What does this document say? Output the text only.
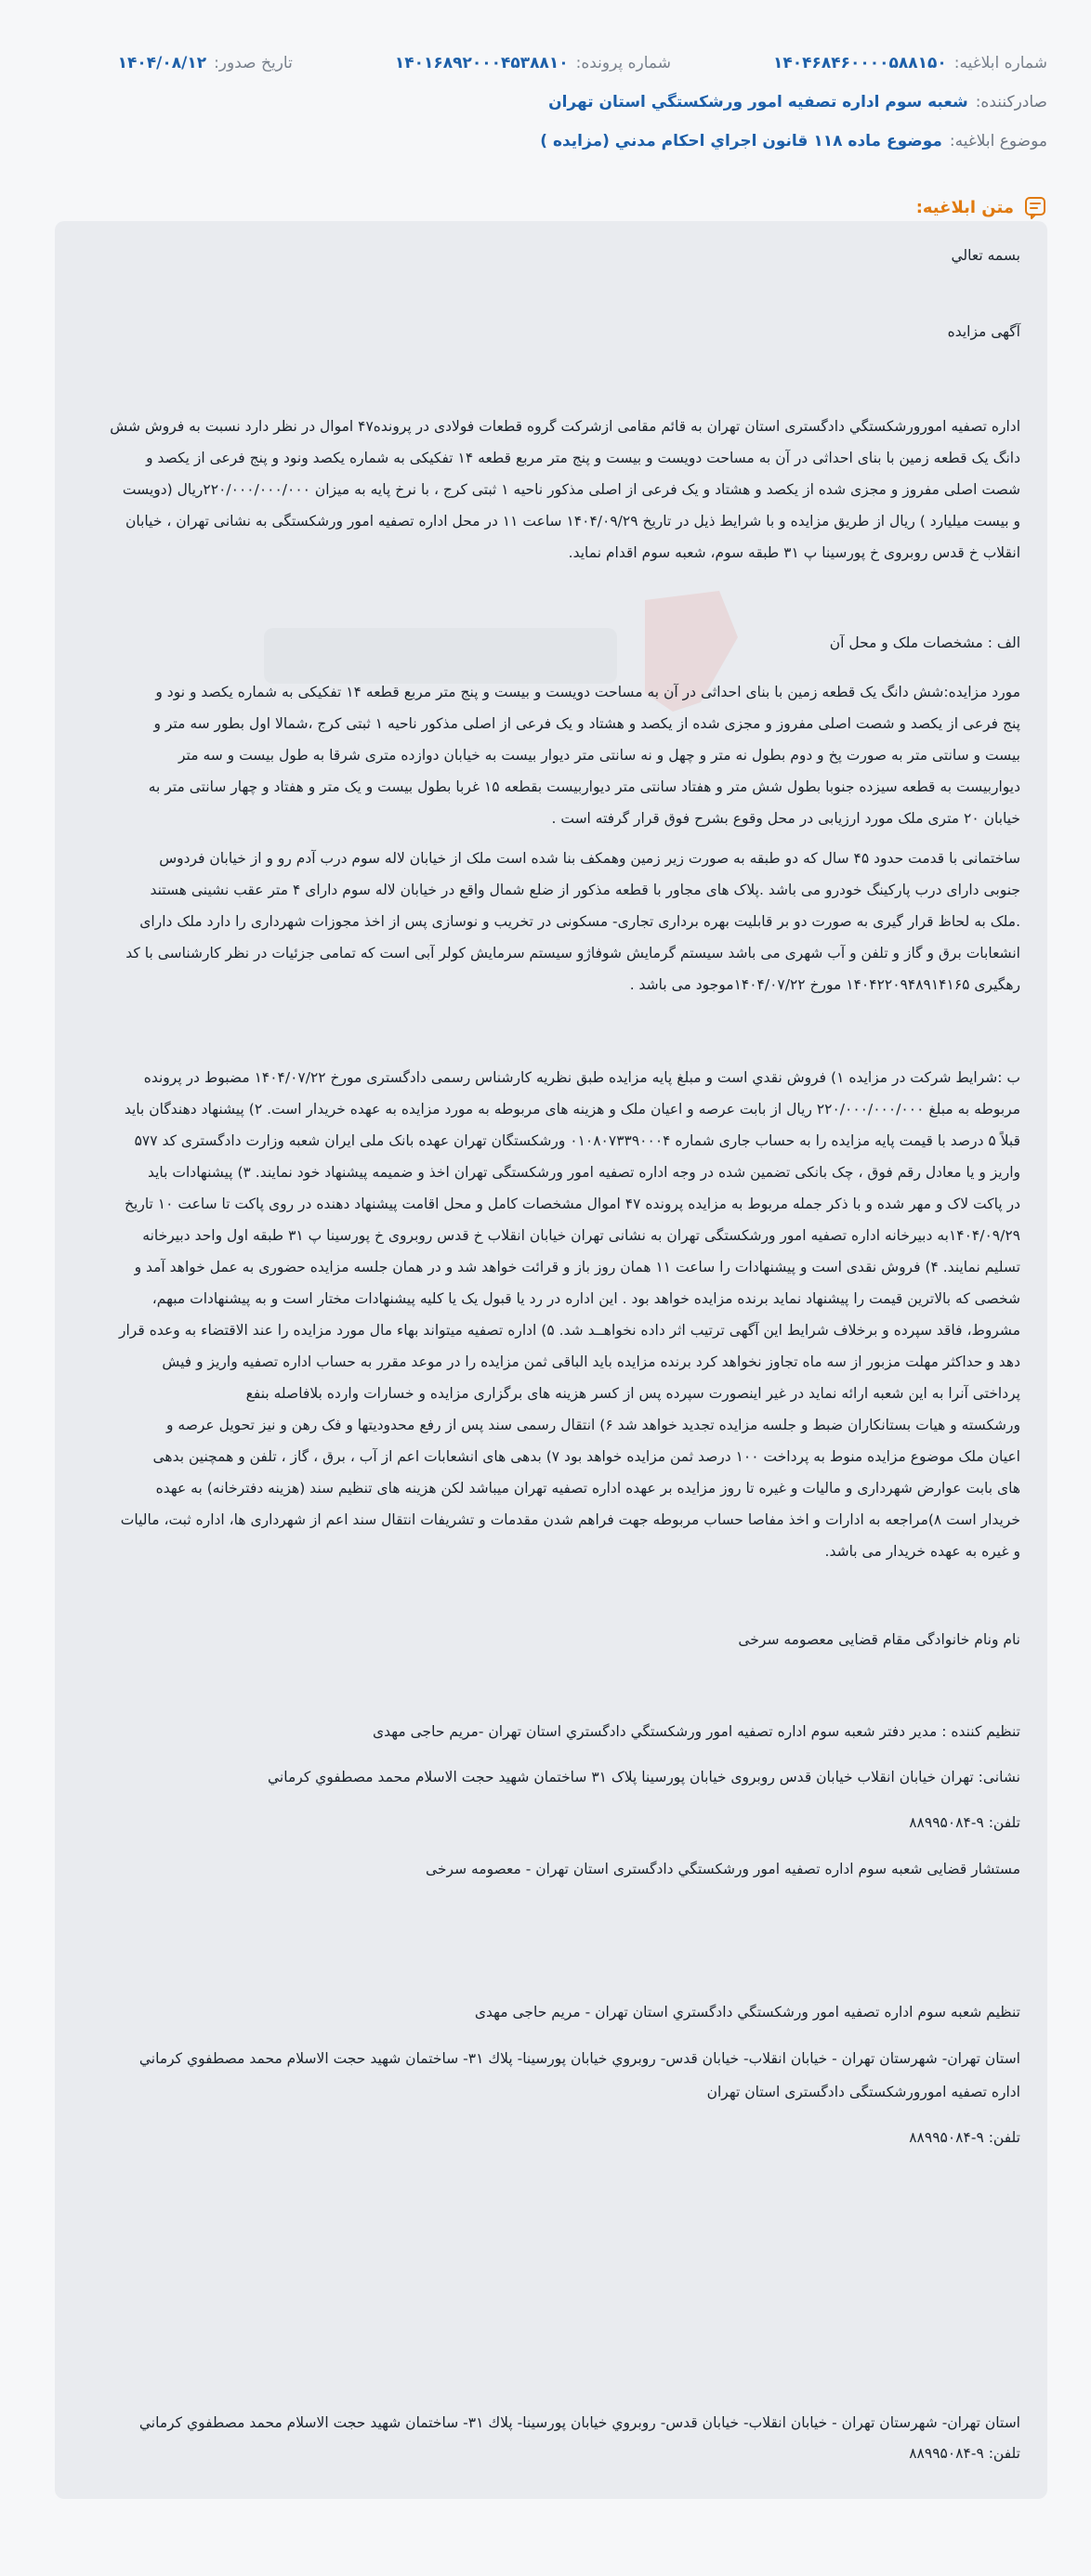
شماره ابلاغیه:
۱۴۰۴۶۸۴۶۰۰۰۰۵۸۸۱۵۰
شماره پرونده:
۱۴۰۱۶۸۹۲۰۰۰۴۵۳۸۸۱۰
تاریخ صدور:
۱۴۰۴/۰۸/۱۲
صادرکننده:
شعبه سوم اداره تصفيه امور ورشكستگي استان تهران
موضوع ابلاغیه:
موضوع ماده ۱۱۸ قانون اجراي احكام مدني (مزايده )
متن ابلاغیه:
بسمه تعالي
آگهی مزایده
اداره تصفیه امورورشکستگي دادگستری استان تهران به قائم مقامی ازشرکت گروه قطعات فولادی در پرونده۴۷ اموال در نظر دارد نسبت به فروش شش
دانگ یک قطعه زمین با بنای احداثی در آن به مساحت دویست و بیست و پنج متر مربع قطعه ۱۴ تفکیکی به شماره یکصد ونود و پنج فرعی از یکصد و
شصت اصلی مفروز و مجزی شده از یکصد و هشتاد و یک فرعی از اصلی مذکور ناحیه ۱ ثبتی کرج ، با نرخ پایه به میزان ۲۲۰/۰۰۰/۰۰۰/۰۰۰ریال (دویست
و بیست میلیارد ) ریال از طریق مزایده و با شرایط ذیل در تاریخ ۱۴۰۴/۰۹/۲۹ ساعت ۱۱ در محل اداره تصفیه امور ورشکستگی به نشانی تهران ، خیابان
انقلاب خ قدس روبروی خ پورسینا پ ۳۱ طبقه سوم، شعبه سوم اقدام نماید.
الف : مشخصات ملک و محل آن
مورد مزایده:شش دانگ یک قطعه زمین با بنای احداثی در آن به مساحت دویست و بیست و پنج متر مربع قطعه ۱۴ تفکیکی به شماره یکصد و نود و
پنج فرعی از یکصد و شصت اصلی مفروز و مجزی شده از یکصد و هشتاد و یک فرعی از اصلی مذکور ناحیه ۱ ثبتی کرج ،شمالا اول بطور سه متر و
بیست و سانتی متر به صورت پخ و دوم بطول نه متر و چهل و نه سانتی متر دیوار بیست به خیابان دوازده متری شرقا به طول بیست و سه متر
دیواربیست به قطعه سیزده جنوبا بطول شش متر و هفتاد سانتی متر دیواربیست بقطعه ۱۵ غربا بطول بیست و یک متر و هفتاد و چهار سانتی متر به
خیابان ۲۰ متری ملک مورد ارزیابی در محل وقوع بشرح فوق قرار گرفته است .
ساختمانی با قدمت حدود ۴۵ سال که دو طبقه به صورت زیر زمین وهمکف بنا شده است ملک از خیابان لاله سوم درب آدم رو و از خیابان فردوس
جنوبی دارای درب پارکینگ خودرو می باشد .پلاک های مجاور با قطعه مذکور از ضلع شمال واقع در خیابان لاله سوم دارای ۴ متر عقب نشینی هستند
.ملک به لحاظ قرار گیری به صورت دو بر قابلیت بهره برداری تجاری- مسکونی در تخریب و نوسازی پس از اخذ مجوزات شهرداری را دارد ملک دارای
انشعابات برق و گاز و تلفن و آب شهری می باشد سیستم گرمایش شوفاژو سیستم سرمایش کولر آبی است که تمامی جزئیات در نظر کارشناسی با کد
رهگیری ۱۴۰۴۲۲۰۹۴۸۹۱۴۱۶۵ مورخ ۱۴۰۴/۰۷/۲۲موجود می باشد .
ب :شرایط شرکت در مزایده ۱) فروش نقدي است و مبلغ پایه مزایده طبق نظریه کارشناس رسمی دادگستری مورخ ۱۴۰۴/۰۷/۲۲ مضبوط در پرونده
مربوطه به مبلغ ۲۲۰/۰۰۰/۰۰۰/۰۰۰ ریال از بابت عرصه و اعیان ملک و هزینه های مربوطه به مورد مزایده به عهده خریدار است. ۲) پیشنهاد دهندگان باید
قبلاً ۵ درصد با قیمت پایه مزایده را به حساب جاری شماره ۰۱۰۸۰۷۳۳۹۰۰۰۴ ورشکستگان تهران عهده بانک ملی ایران شعبه وزارت دادگستری کد ۵۷۷
واریز و یا معادل رقم فوق ، چک بانکی تضمین شده در وجه اداره تصفیه امور ورشکستگی تهران اخذ و ضمیمه پیشنهاد خود نمایند. ۳) پیشنهادات باید
در پاکت لاک و مهر شده و با ذکر جمله مربوط به مزایده پرونده ۴۷ اموال مشخصات کامل و محل اقامت پیشنهاد دهنده در روی پاکت تا ساعت ۱۰ تاریخ
۱۴۰۴/۰۹/۲۹به دبیرخانه اداره تصفیه امور ورشکستگی تهران به نشانی تهران خیابان انقلاب خ قدس روبروی خ پورسینا پ ۳۱ طبقه اول واحد دبیرخانه
تسلیم نمایند. ۴) فروش نقدی است و پیشنهادات را ساعت ۱۱ همان روز باز و قرائت خواهد شد و در همان جلسه مزایده حضوری به عمل خواهد آمد و
شخصی که بالاترین قیمت را پیشنهاد نماید برنده مزایده خواهد بود . این اداره در رد یا قبول یک یا کلیه پیشنهادات مختار است و به پیشنهادات مبهم،
مشروط، فاقد سپرده و برخلاف شرایط این آگهی ترتیب اثر داده نخواهــد شد. ۵) اداره تصفیه میتواند بهاء مال مورد مزایده را عند الاقتضاء به وعده قرار
دهد و حداکثر مهلت مزبور از سه ماه تجاوز نخواهد کرد برنده مزایده باید الباقی ثمن مزایده را در موعد مقرر به حساب اداره تصفیه واریز و فیش
پرداختی آنرا به این شعبه ارائه نماید در غیر اینصورت سپرده پس از کسر هزینه های برگزاری مزایده و خسارات وارده بلافاصله بنفع
ورشکسته و هیات بستانکاران ضبط و جلسه مزایده تجدید خواهد شد ۶) انتقال رسمی سند پس از رفع محدودیتها و فک رهن و نیز تحویل عرصه و
اعیان ملک موضوع مزایده منوط به پرداخت ۱۰۰ درصد ثمن مزایده خواهد بود ۷) بدهی های انشعابات اعم از آب ، برق ، گاز ، تلفن و همچنین بدهی
های بابت عوارض شهرداری و مالیات و غیره تا روز مزایده بر عهده اداره تصفیه تهران میباشد لکن هزینه های تنظیم سند (هزینه دفترخانه) به عهده
خریدار است ۸)مراجعه به ادارات و اخذ مفاصا حساب مربوطه جهت فراهم شدن مقدمات و تشریفات انتقال سند اعم از شهرداری ها، اداره ثبت، مالیات
و غیره به عهده خریدار می باشد.
نام ونام خانوادگی مقام قضایی معصومه سرخی
تنظیم کننده : مدیر دفتر شعبه سوم اداره تصفيه امور ورشكستگي دادگستري استان تهران -مریم حاجی مهدی
نشانی: تهران خیابان انقلاب خیابان قدس روبروی خیابان پورسینا پلاک ۳۱ ساختمان شهید حجت الاسلام محمد مصطفوي كرماني
تلفن: ۹-۸۸۹۹۵۰۸۴
مستشار قضایی شعبه سوم اداره تصفيه امور ورشكستگي دادگستری استان تهران - معصومه سرخی
تنظیم شعبه سوم اداره تصفيه امور ورشكستگي دادگستري استان تهران - مریم حاجی مهدی
استان تهران- شهرستان تهران - خیابان انقلاب- خیابان قدس- روبروي خيابان پورسينا- پلاك ۳۱- ساختمان شهيد حجت الاسلام محمد مصطفوي كرماني
اداره تصفیه امورورشکستگی دادگستری استان تهران
تلفن: ۹-۸۸۹۹۵۰۸۴
استان تهران- شهرستان تهران - خیابان انقلاب- خیابان قدس- روبروي خيابان پورسينا- پلاك ۳۱- ساختمان شهيد حجت الاسلام محمد مصطفوي كرماني
تلفن: ۹-۸۸۹۹۵۰۸۴
